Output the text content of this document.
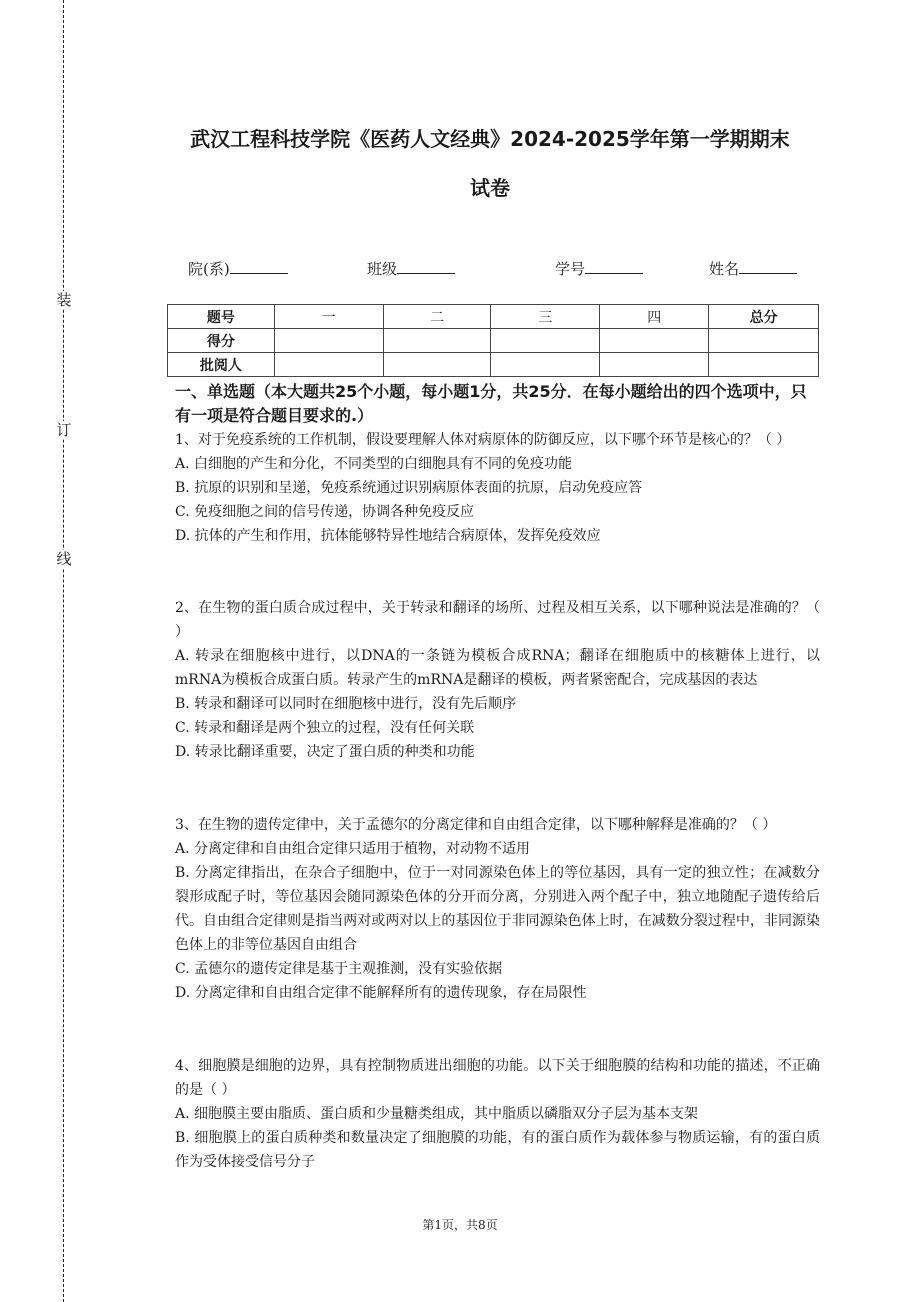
装
订
线
武汉工程科技学院《医药人文经典》2024-2025学年第一学期期末
试卷
院(系)	班级	学号	姓名
题号	一	二	三	四	总分
得分					
批阅人					
一、单选题（本大题共25个小题，每小题1分，共25分．在每小题给出的四个选项中，只有一项是符合题目要求的.）

1、对于免疫系统的工作机制，假设要理解人体对病原体的防御反应，以下哪个环节是核心的？（ ）

A. 白细胞的产生和分化，不同类型的白细胞具有不同的免疫功能

B. 抗原的识别和呈递，免疫系统通过识别病原体表面的抗原，启动免疫应答

C. 免疫细胞之间的信号传递，协调各种免疫反应

D. 抗体的产生和作用，抗体能够特异性地结合病原体，发挥免疫效应

2、在生物的蛋白质合成过程中，关于转录和翻译的场所、过程及相互关系，以下哪种说法是准确的？（ ）

A. 转录在细胞核中进行，以DNA的一条链为模板合成RNA；翻译在细胞质中的核糖体上进行，以mRNA为模板合成蛋白质。转录产生的mRNA是翻译的模板，两者紧密配合，完成基因的表达

B. 转录和翻译可以同时在细胞核中进行，没有先后顺序

C. 转录和翻译是两个独立的过程，没有任何关联

D. 转录比翻译重要，决定了蛋白质的种类和功能

3、在生物的遗传定律中，关于孟德尔的分离定律和自由组合定律，以下哪种解释是准确的？（ ）

A. 分离定律和自由组合定律只适用于植物，对动物不适用

B. 分离定律指出，在杂合子细胞中，位于一对同源染色体上的等位基因，具有一定的独立性；在减数分裂形成配子时，等位基因会随同源染色体的分开而分离，分别进入两个配子中，独立地随配子遗传给后代。自由组合定律则是指当两对或两对以上的基因位于非同源染色体上时，在减数分裂过程中，非同源染色体上的非等位基因自由组合

C. 孟德尔的遗传定律是基于主观推测，没有实验依据

D. 分离定律和自由组合定律不能解释所有的遗传现象，存在局限性

4、细胞膜是细胞的边界，具有控制物质进出细胞的功能。以下关于细胞膜的结构和功能的描述，不正确的是（ ）

A. 细胞膜主要由脂质、蛋白质和少量糖类组成，其中脂质以磷脂双分子层为基本支架

B. 细胞膜上的蛋白质种类和数量决定了细胞膜的功能，有的蛋白质作为载体参与物质运输，有的蛋白质作为受体接受信号分子

第1页，共8页
